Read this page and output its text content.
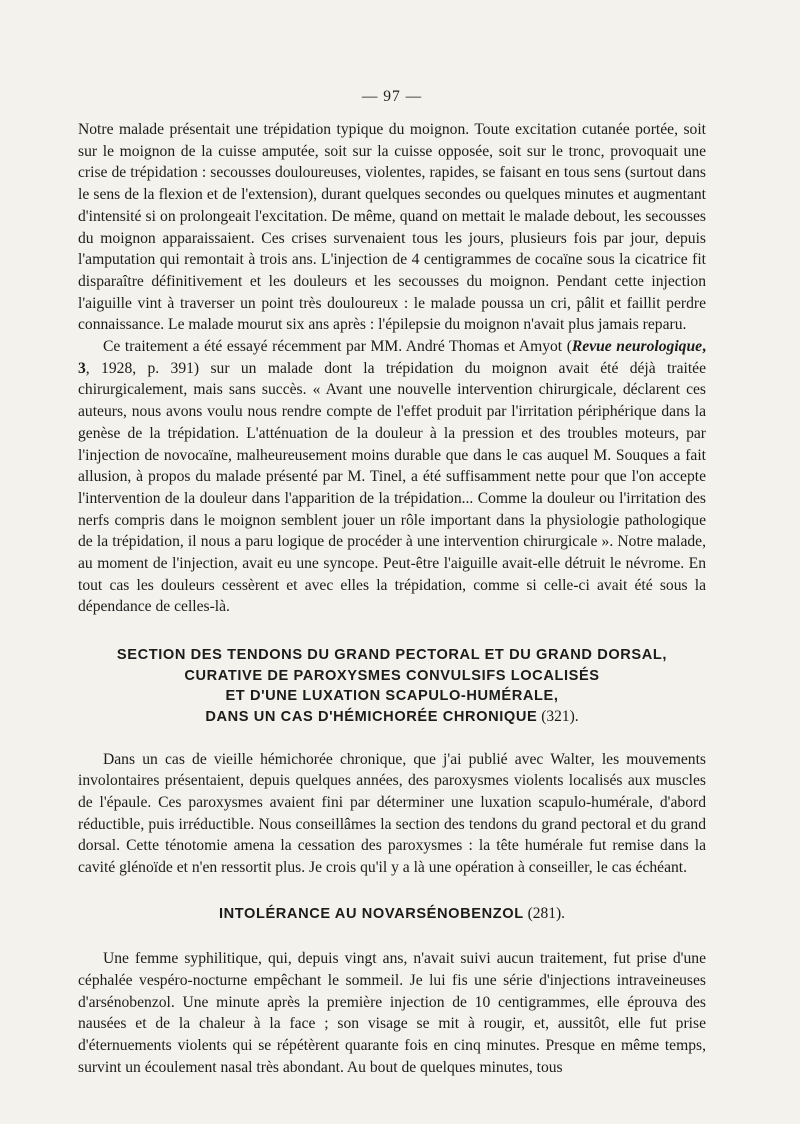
— 97 —

Notre malade présentait une trépidation typique du moignon. Toute excitation cutanée portée, soit sur le moignon de la cuisse amputée, soit sur la cuisse opposée, soit sur le tronc, provoquait une crise de trépidation : secousses douloureuses, violentes, rapides, se faisant en tous sens (surtout dans le sens de la flexion et de l'extension), durant quelques secondes ou quelques minutes et augmentant d'intensité si on prolongeait l'excitation. De même, quand on mettait le malade debout, les secousses du moignon apparaissaient. Ces crises survenaient tous les jours, plusieurs fois par jour, depuis l'amputation qui remontait à trois ans. L'injection de 4 centigrammes de cocaïne sous la cicatrice fit disparaître définitivement et les douleurs et les secousses du moignon. Pendant cette injection l'aiguille vint à traverser un point très douloureux : le malade poussa un cri, pâlit et faillit perdre connaissance. Le malade mourut six ans après : l'épilepsie du moignon n'avait plus jamais reparu.

Ce traitement a été essayé récemment par MM. André Thomas et Amyot (Revue neurologique, 3, 1928, p. 391) sur un malade dont la trépidation du moignon avait été déjà traitée chirurgicalement, mais sans succès. « Avant une nouvelle intervention chirurgicale, déclarent ces auteurs, nous avons voulu nous rendre compte de l'effet produit par l'irritation périphérique dans la genèse de la trépidation. L'atténuation de la douleur à la pression et des troubles moteurs, par l'injection de novocaïne, malheureusement moins durable que dans le cas auquel M. Souques a fait allusion, à propos du malade présenté par M. Tinel, a été suffisamment nette pour que l'on accepte l'intervention de la douleur dans l'apparition de la trépidation... Comme la douleur ou l'irritation des nerfs compris dans le moignon semblent jouer un rôle important dans la physiologie pathologique de la trépidation, il nous a paru logique de procéder à une intervention chirurgicale ». Notre malade, au moment de l'injection, avait eu une syncope. Peut-être l'aiguille avait-elle détruit le névrome. En tout cas les douleurs cessèrent et avec elles la trépidation, comme si celle-ci avait été sous la dépendance de celles-là.

SECTION DES TENDONS DU GRAND PECTORAL ET DU GRAND DORSAL,
CURATIVE DE PAROXYSMES CONVULSIFS LOCALISÉS
ET D'UNE LUXATION SCAPULO-HUMÉRALE,
DANS UN CAS D'HÉMICHORÉE CHRONIQUE (321).

Dans un cas de vieille hémichorée chronique, que j'ai publié avec Walter, les mouvements involontaires présentaient, depuis quelques années, des paroxysmes violents localisés aux muscles de l'épaule. Ces paroxysmes avaient fini par déterminer une luxation scapulo-humérale, d'abord réductible, puis irréductible. Nous conseillâmes la section des tendons du grand pectoral et du grand dorsal. Cette ténotomie amena la cessation des paroxysmes : la tête humérale fut remise dans la cavité glénoïde et n'en ressortit plus. Je crois qu'il y a là une opération à conseiller, le cas échéant.

INTOLÉRANCE AU NOVARSÉNOBENZOL (281).

Une femme syphilitique, qui, depuis vingt ans, n'avait suivi aucun traitement, fut prise d'une céphalée vespéro-nocturne empêchant le sommeil. Je lui fis une série d'injections intraveineuses d'arsénobenzol. Une minute après la première injection de 10 centigrammes, elle éprouva des nausées et de la chaleur à la face ; son visage se mit à rougir, et, aussitôt, elle fut prise d'éternuements violents qui se répétèrent quarante fois en cinq minutes. Presque en même temps, survint un écoulement nasal très abondant. Au bout de quelques minutes, tous
